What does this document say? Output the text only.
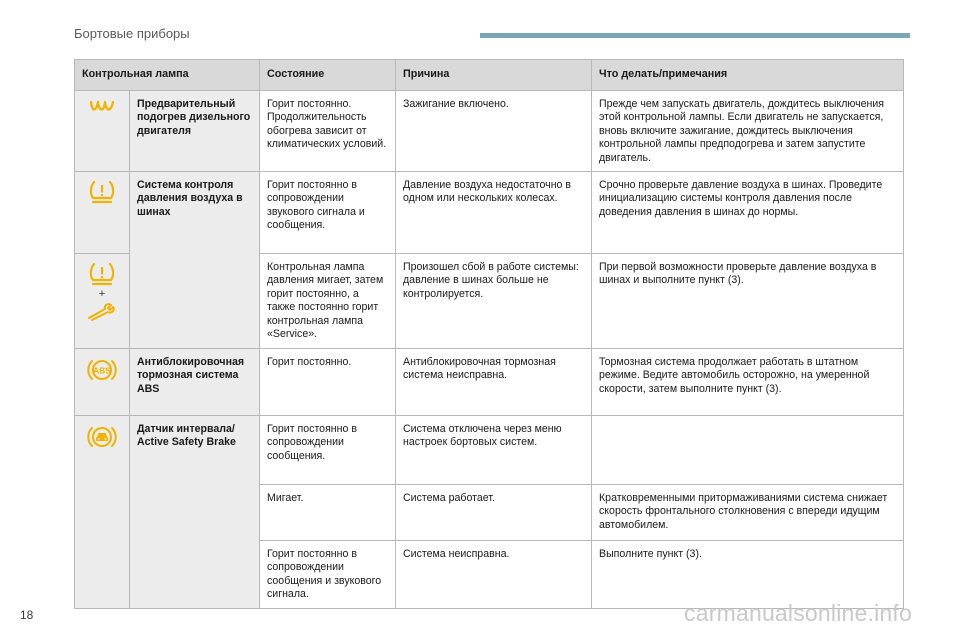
Бортовые приборы
Контрольная лампа		Состояние	Причина	Что делать/примечания

	Предварительный подогрев дизельного двигателя	Горит постоянно. Продолжительность обогрева зависит от климатических условий.	Зажигание включено.	Прежде чем запускать двигатель, дождитесь выключения этой контрольной лампы. Если двигатель не запускается, вновь включите зажигание, дождитесь выключения контрольной лампы предподогрева и затем запустите двигатель.

	Система контроля давления воздуха в шинах	Горит постоянно в сопровождении звукового сигнала и сообщения.	Давление воздуха недостаточно в одном или нескольких колесах.	Срочно проверьте давление воздуха в шинах. Проведите инициализацию системы контроля давления после доведения давления в шинах до нормы.

+		Контрольная лампа давления мигает, затем горит постоянно, а также постоянно горит контрольная лампа «Service».	Произошел сбой в работе системы: давление в шинах больше не контролируется.	При первой возможности проверьте давление воздуха в шинах и выполните пункт (3).

ABS	Антиблокировочная тормозная система ABS	Горит постоянно.	Антиблокировочная тормозная система неисправна.	Тормозная система продолжает работать в штатном режиме. Ведите автомобиль осторожно, на умеренной скорости, затем выполните пункт (3).

	Датчик интервала/ Active Safety Brake	Горит постоянно в сопровождении сообщения.	Система отключена через меню настроек бортовых систем.	
		Мигает.	Система работает.	Кратковременными притормаживаниями система снижает скорость фронтального столкновения с впереди идущим автомобилем.
		Горит постоянно в сопровождении сообщения и звукового сигнала.	Система неисправна.	Выполните пункт (3).
18	carmanualsonline.info
